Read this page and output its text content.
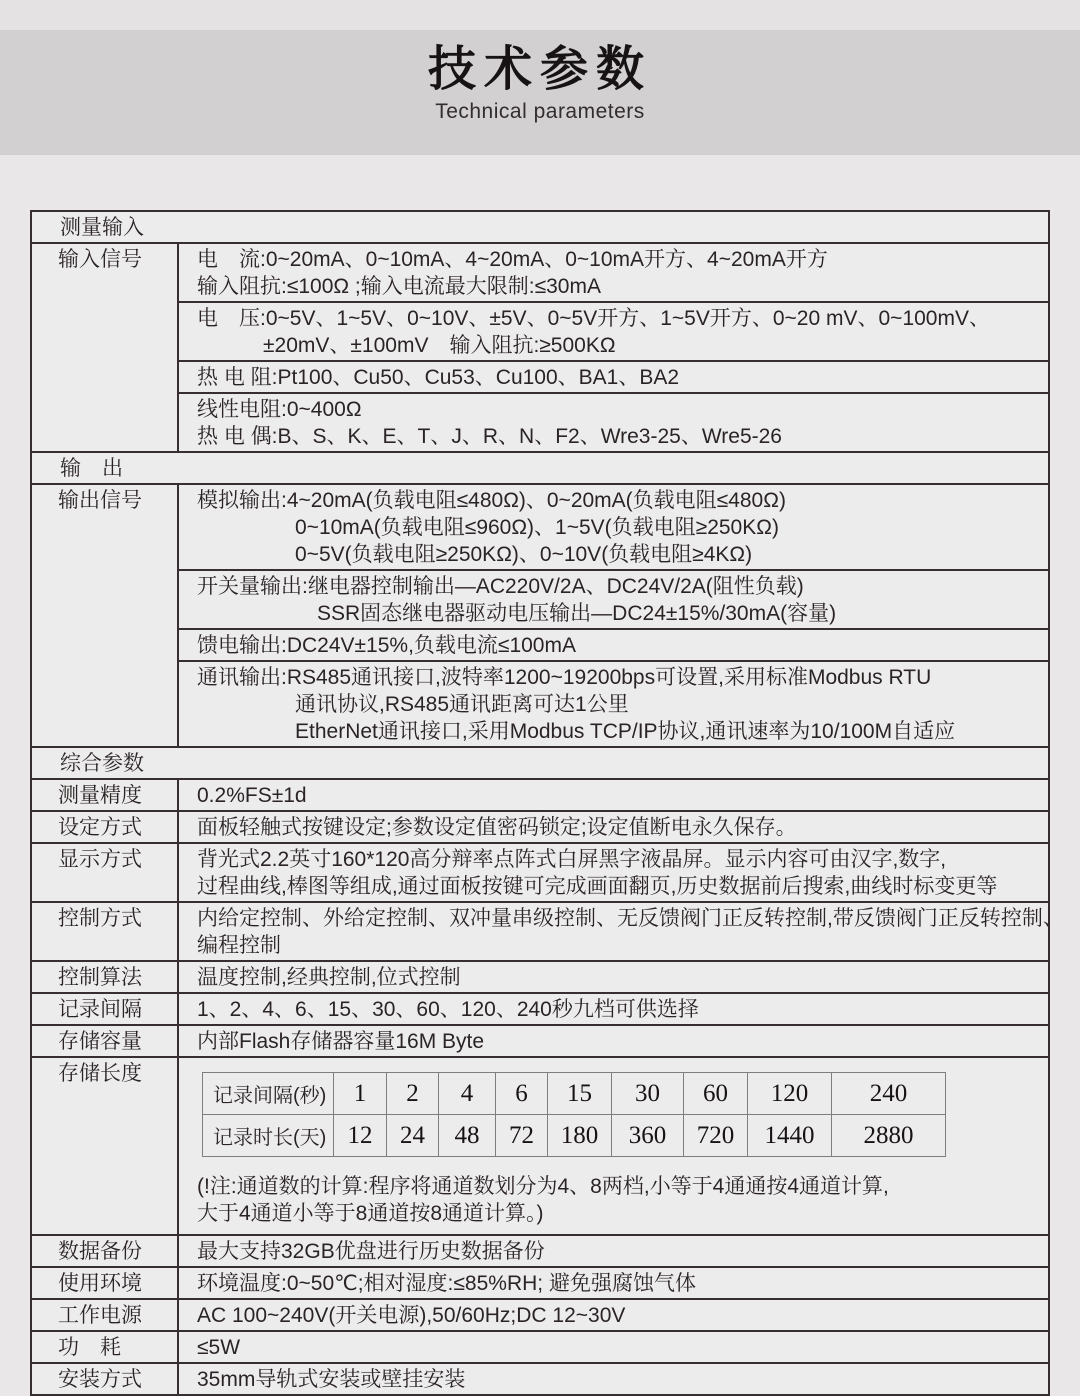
技术参数
Technical parameters
测量输入
输入信号	电　流:0~20mA、0~10mA、4~20mA、0~10mA开方、4~20mA开方
输入阻抗:≤100Ω ;输入电流最大限制:≤30mA
电　压:0~5V、1~5V、0~10V、±5V、0~5V开方、1~5V开方、0~20 mV、0~100mV、
±20mV、±100mV　输入阻抗:≥500KΩ
热 电 阻:Pt100、Cu50、Cu53、Cu100、BA1、BA2
线性电阻:0~400Ω
热 电 偶:B、S、K、E、T、J、R、N、F2、Wre3-25、Wre5-26
输　出
输出信号	模拟输出:4~20mA(负载电阻≤480Ω)、0~20mA(负载电阻≤480Ω)
0~10mA(负载电阻≤960Ω)、1~5V(负载电阻≥250KΩ)
0~5V(负载电阻≥250KΩ)、0~10V(负载电阻≥4KΩ)
开关量输出:继电器控制输出—AC220V/2A、DC24V/2A(阻性负载)
SSR固态继电器驱动电压输出—DC24±15%/30mA(容量)
馈电输出:DC24V±15%,负载电流≤100mA
通讯输出:RS485通讯接口,波特率1200~19200bps可设置,采用标准Modbus RTU
通讯协议,RS485通讯距离可达1公里
EtherNet通讯接口,采用Modbus TCP/IP协议,通讯速率为10/100M自适应
综合参数
测量精度	0.2%FS±1d
设定方式	面板轻触式按键设定;参数设定值密码锁定;设定值断电永久保存。
显示方式	背光式2.2英寸160*120高分辩率点阵式白屏黑字液晶屏。显示内容可由汉字,数字,
过程曲线,棒图等组成,通过面板按键可完成画面翻页,历史数据前后搜索,曲线时标变更等
控制方式	内给定控制、外给定控制、双冲量串级控制、无反馈阀门正反转控制,带反馈阀门正反转控制、
编程控制
控制算法	温度控制,经典控制,位式控制
记录间隔	1、2、4、6、15、30、60、120、240秒九档可供选择
存储容量	内部Flash存储器容量16M Byte
存储长度
记录间隔(秒)	1	2	4	6	15	30	60	120	240
记录时长(天)	12	24	48	72	180	360	720	1440	2880
(!注:通道数的计算:程序将通道数划分为4、8两档,小等于4通通按4通道计算,
大于4通道小等于8通道按8通道计算。)
数据备份	最大支持32GB优盘进行历史数据备份
使用环境	环境温度:0~50℃;相对湿度:≤85%RH; 避免强腐蚀气体
工作电源	AC 100~240V(开关电源),50/60Hz;DC 12~30V
功　耗	≤5W
安装方式	35mm导轨式安装或壁挂安装
